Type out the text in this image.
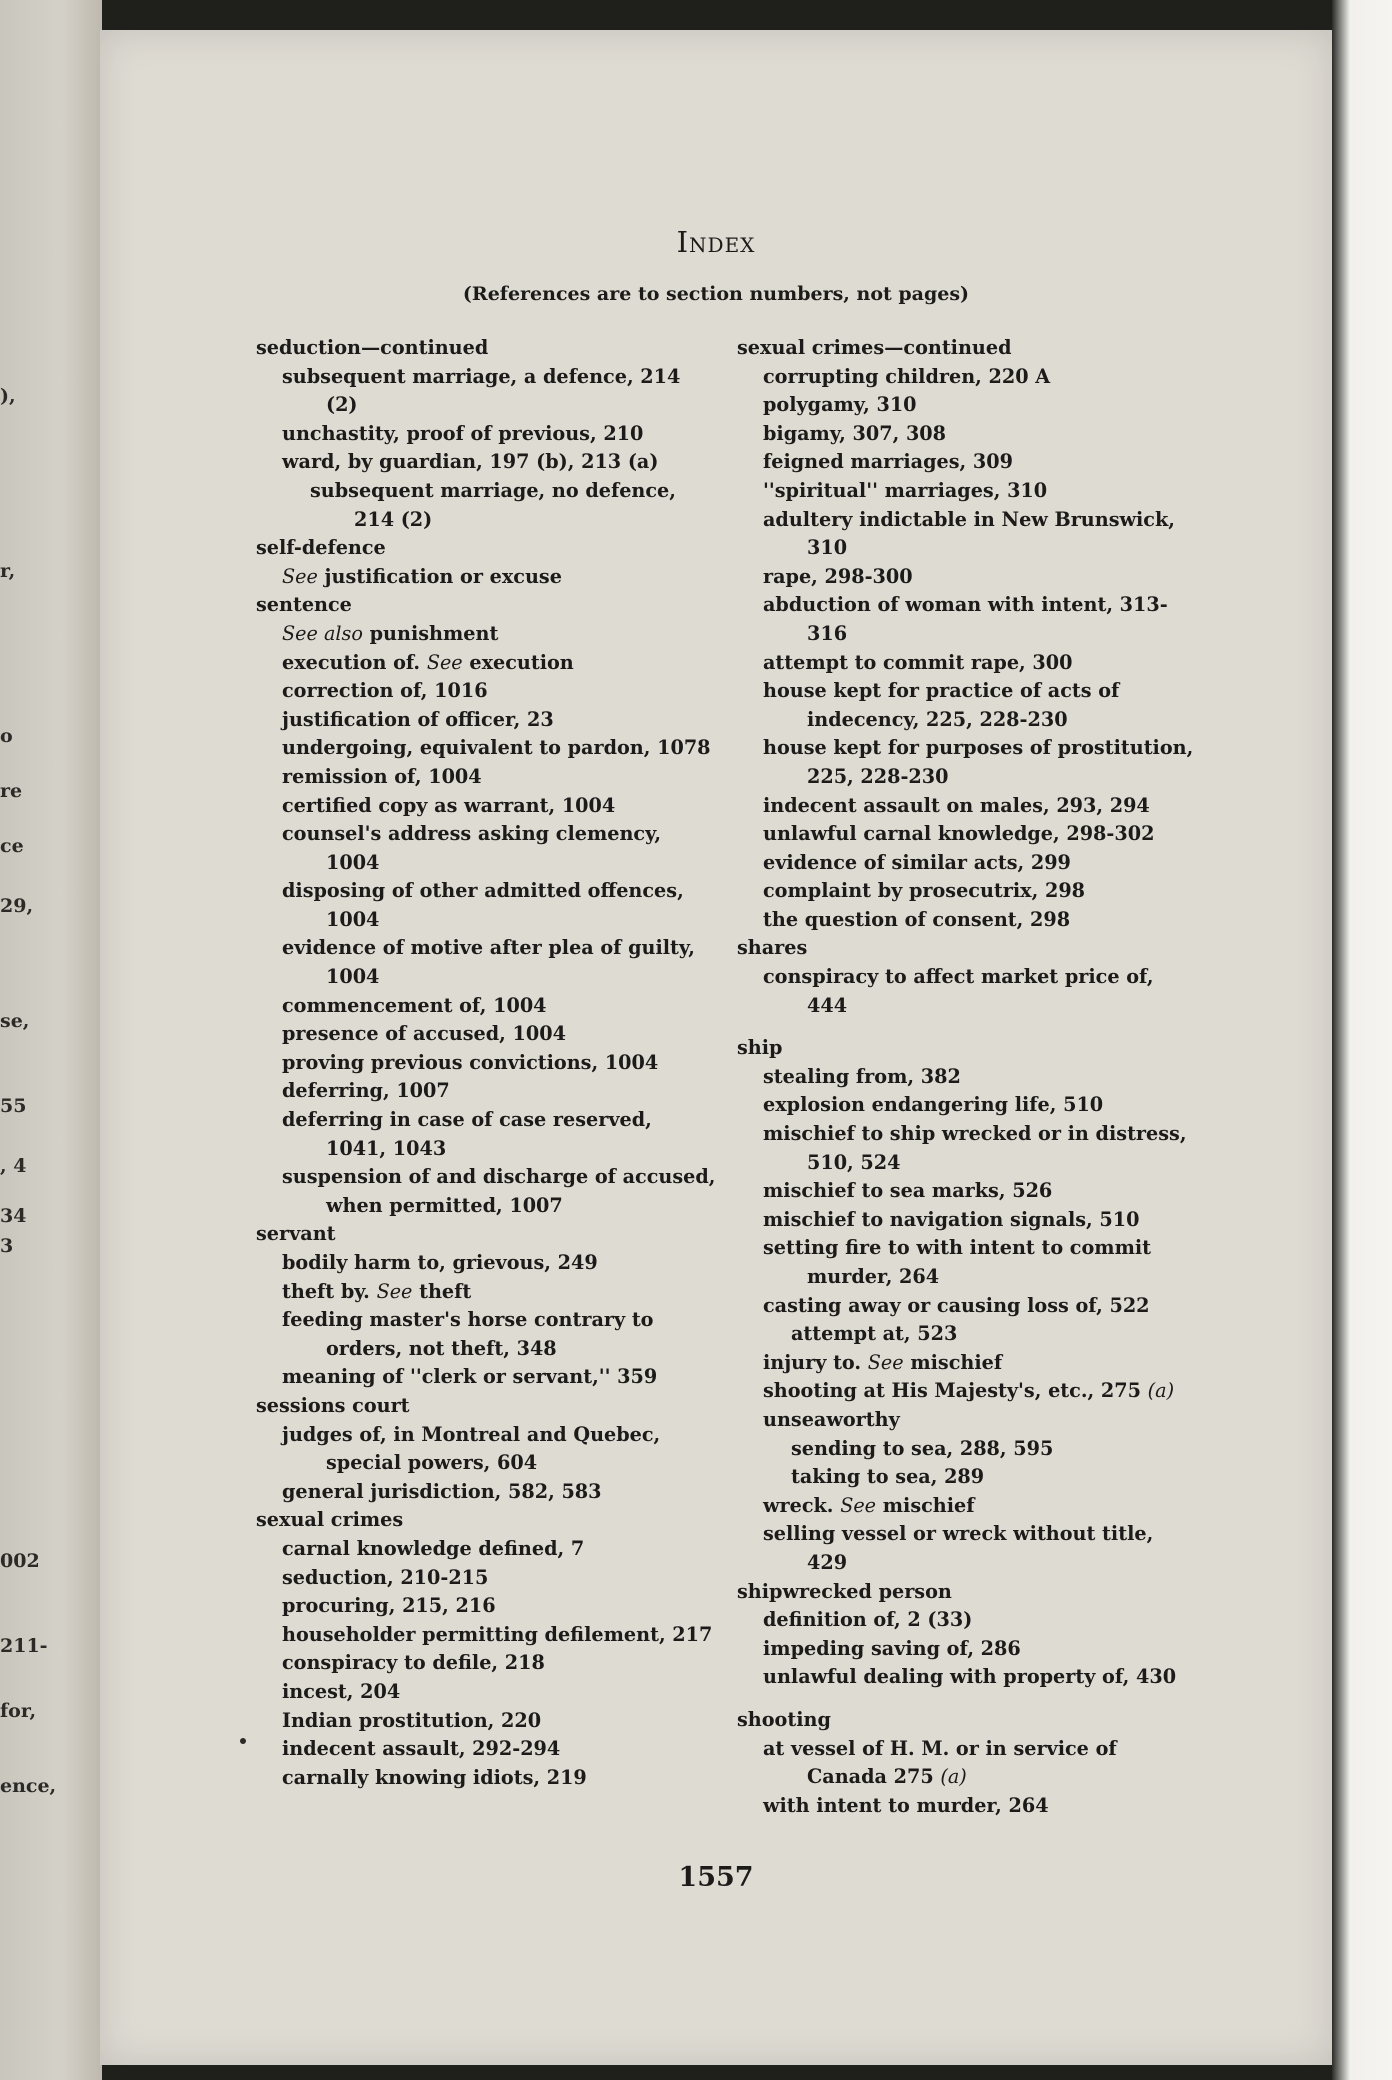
),
r,
o
re
ce
29,
se,
55
, 4
34
3
002
211-
for,
ence,
Index
(References are to section numbers, not pages)
seduction—continued
subsequent marriage, a defence, 214 (2)
unchastity, proof of previous, 210
ward, by guardian, 197 (b), 213 (a)
subsequent marriage, no defence, 214 (2)
self-defence
See justification or excuse
sentence
See also punishment
execution of. See execution
correction of, 1016
justification of officer, 23
undergoing, equivalent to pardon, 1078
remission of, 1004
certified copy as warrant, 1004
counsel's address asking clemency, 1004
disposing of other admitted offences, 1004
evidence of motive after plea of guilty, 1004
commencement of, 1004
presence of accused, 1004
proving previous convictions, 1004
deferring, 1007
deferring in case of case reserved, 1041, 1043
suspension of and discharge of accused, when permitted, 1007
servant
bodily harm to, grievous, 249
theft by. See theft
feeding master's horse contrary to orders, not theft, 348
meaning of ''clerk or servant,'' 359
sessions court
judges of, in Montreal and Quebec, special powers, 604
general jurisdiction, 582, 583
sexual crimes
carnal knowledge defined, 7
seduction, 210-215
procuring, 215, 216
householder permitting defilement, 217
conspiracy to defile, 218
incest, 204
Indian prostitution, 220
indecent assault, 292-294
carnally knowing idiots, 219
sexual crimes—continued
corrupting children, 220 A
polygamy, 310
bigamy, 307, 308
feigned marriages, 309
''spiritual'' marriages, 310
adultery indictable in New Brunswick, 310
rape, 298-300
abduction of woman with intent, 313-316
attempt to commit rape, 300
house kept for practice of acts of indecency, 225, 228-230
house kept for purposes of prostitution, 225, 228-230
indecent assault on males, 293, 294
unlawful carnal knowledge, 298-302
evidence of similar acts, 299
complaint by prosecutrix, 298
the question of consent, 298
shares
conspiracy to affect market price of, 444
ship
stealing from, 382
explosion endangering life, 510
mischief to ship wrecked or in distress, 510, 524
mischief to sea marks, 526
mischief to navigation signals, 510
setting fire to with intent to commit murder, 264
casting away or causing loss of, 522
attempt at, 523
injury to. See mischief
shooting at His Majesty's, etc., 275 (a)
unseaworthy
sending to sea, 288, 595
taking to sea, 289
wreck. See mischief
selling vessel or wreck without title, 429
shipwrecked person
definition of, 2 (33)
impeding saving of, 286
unlawful dealing with property of, 430
shooting
at vessel of H. M. or in service of Canada 275 (a)
with intent to murder, 264
1557
